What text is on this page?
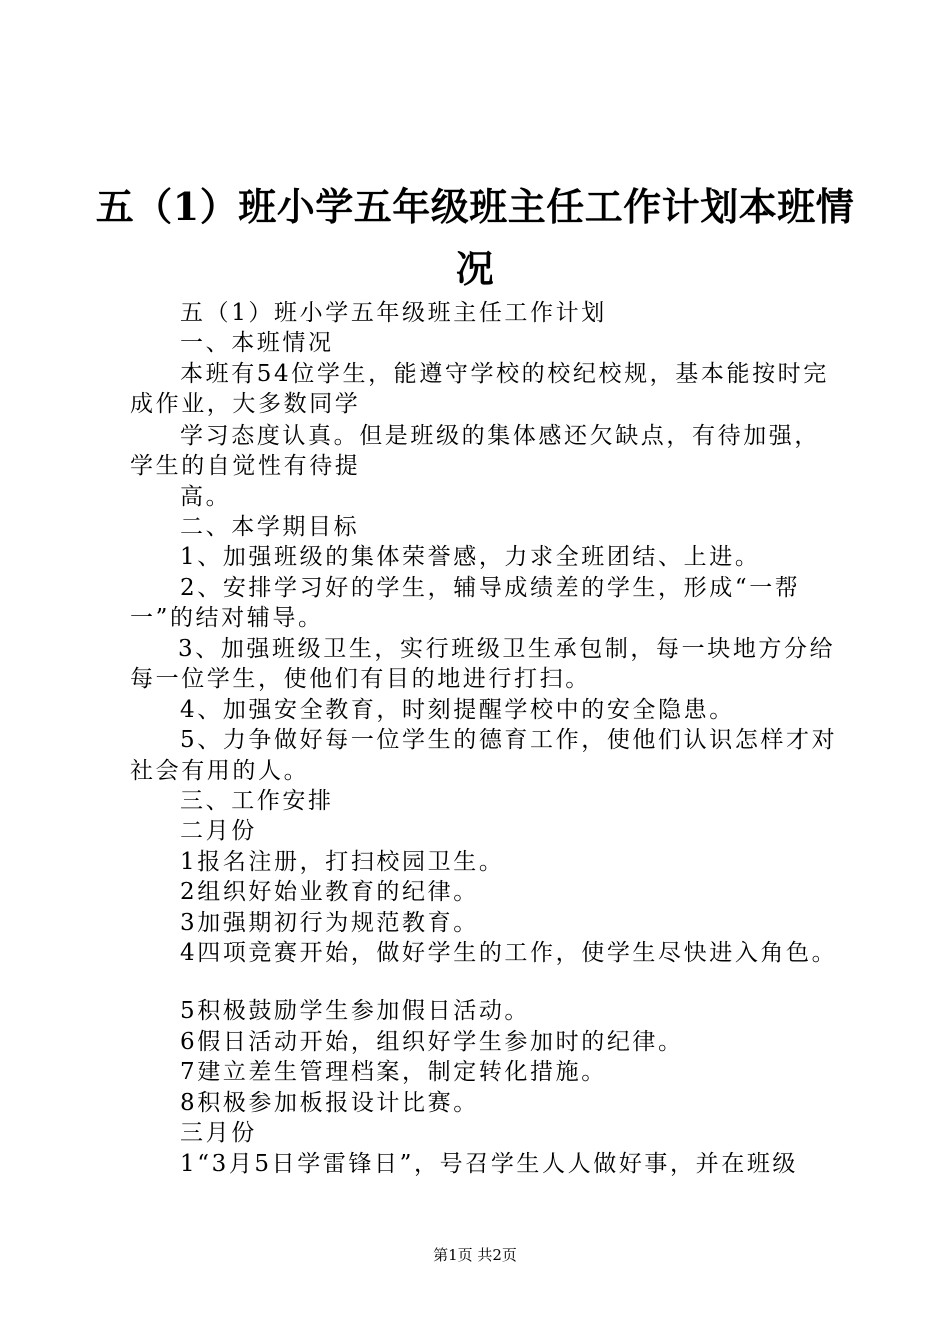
五（1）班小学五年级班主任工作计划本班情
况
五（1）班小学五年级班主任工作计划
一、本班情况
本班有54位学生，能遵守学校的校纪校规，基本能按时完
成作业，大多数同学
学习态度认真。但是班级的集体感还欠缺点，有待加强，
学生的自觉性有待提
高。
二、本学期目标
1、加强班级的集体荣誉感，力求全班团结、上进。
2、安排学习好的学生，辅导成绩差的学生，形成“一帮
一”的结对辅导。
3、加强班级卫生，实行班级卫生承包制，每一块地方分给
每一位学生，使他们有目的地进行打扫。
4、加强安全教育，时刻提醒学校中的安全隐患。
5、力争做好每一位学生的德育工作，使他们认识怎样才对
社会有用的人。
三、工作安排
二月份
1报名注册，打扫校园卫生。
2组织好始业教育的纪律。
3加强期初行为规范教育。
4四项竞赛开始，做好学生的工作，使学生尽快进入角色。
5积极鼓励学生参加假日活动。
6假日活动开始，组织好学生参加时的纪律。
7建立差生管理档案，制定转化措施。
8积极参加板报设计比赛。
三月份
1“3月5日学雷锋日”，号召学生人人做好事，并在班级
第1页 共2页
